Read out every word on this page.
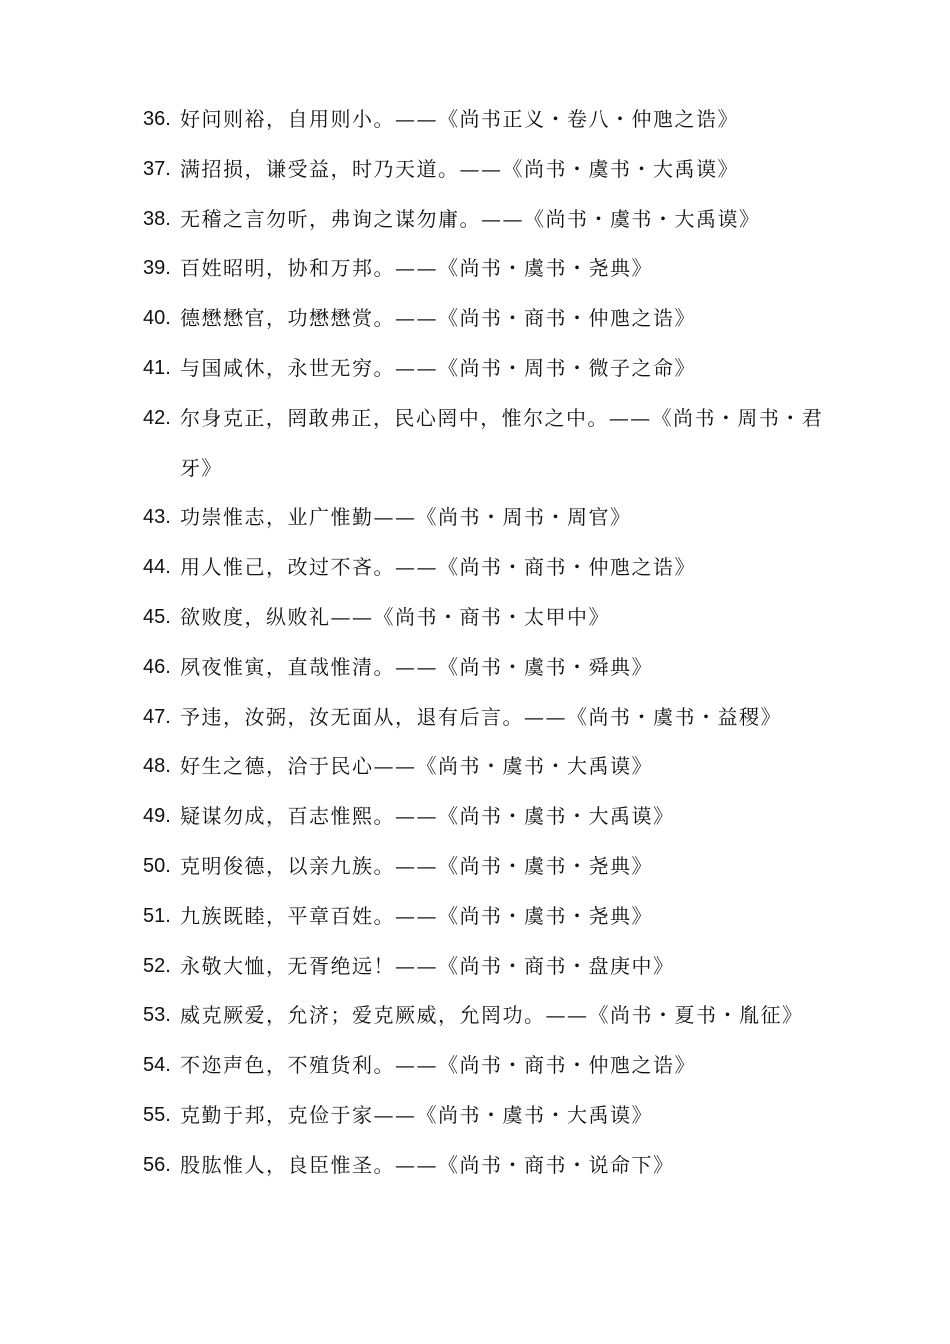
36. 好问则裕，自用则小。——《尚书正义・卷八・仲虺之诰》
37. 满招损，谦受益，时乃天道。——《尚书・虞书・大禹谟》
38. 无稽之言勿听，弗询之谋勿庸。——《尚书・虞书・大禹谟》
39. 百姓昭明，协和万邦。——《尚书・虞书・尧典》
40. 德懋懋官，功懋懋赏。——《尚书・商书・仲虺之诰》
41. 与国咸休，永世无穷。——《尚书・周书・微子之命》
42. 尔身克正，罔敢弗正，民心罔中，惟尔之中。——《尚书・周书・君牙》
43. 功崇惟志，业广惟勤——《尚书・周书・周官》
44. 用人惟己，改过不吝。——《尚书・商书・仲虺之诰》
45. 欲败度，纵败礼——《尚书・商书・太甲中》
46. 夙夜惟寅，直哉惟清。——《尚书・虞书・舜典》
47. 予违，汝弼，汝无面从，退有后言。——《尚书・虞书・益稷》
48. 好生之德，洽于民心——《尚书・虞书・大禹谟》
49. 疑谋勿成，百志惟熙。——《尚书・虞书・大禹谟》
50. 克明俊德，以亲九族。——《尚书・虞书・尧典》
51. 九族既睦，平章百姓。——《尚书・虞书・尧典》
52. 永敬大恤，无胥绝远！——《尚书・商书・盘庚中》
53. 威克厥爱，允济；爱克厥威，允罔功。——《尚书・夏书・胤征》
54. 不迩声色，不殖货利。——《尚书・商书・仲虺之诰》
55. 克勤于邦，克俭于家——《尚书・虞书・大禹谟》
56. 股肱惟人，良臣惟圣。——《尚书・商书・说命下》
